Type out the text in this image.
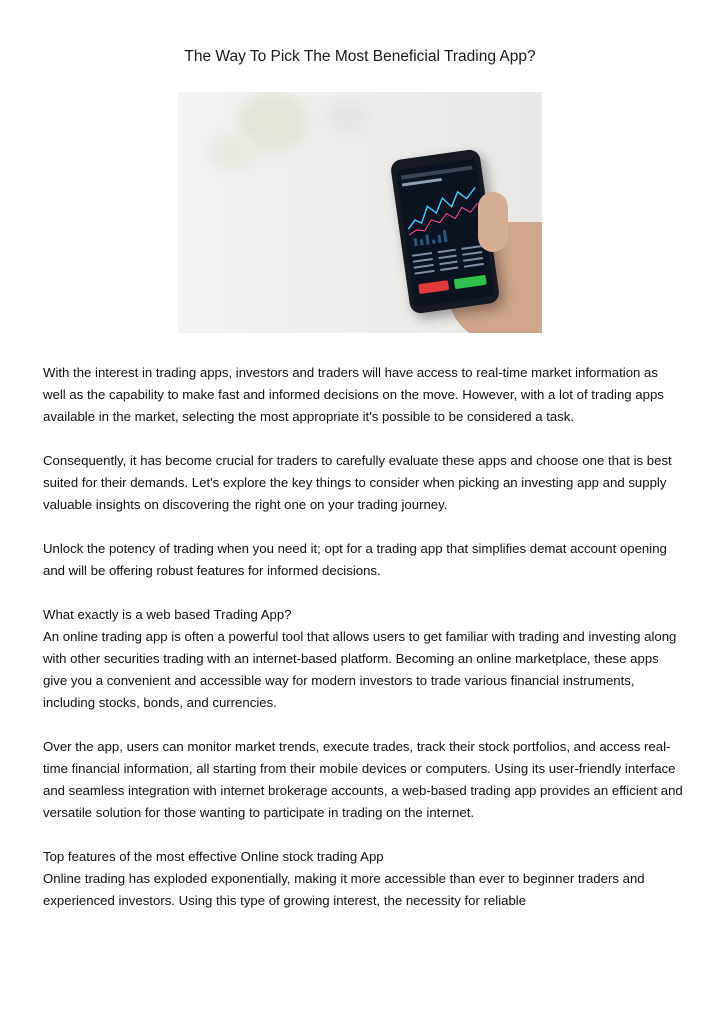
The Way To Pick The Most Beneficial Trading App?

With the interest in trading apps, investors and traders will have access to real-time market information as well as the capability to make fast and informed decisions on the move. However, with a lot of trading apps available in the market, selecting the most appropriate it's possible to be considered a task.

Consequently, it has become crucial for traders to carefully evaluate these apps and choose one that is best suited for their demands. Let's explore the key things to consider when picking an investing app and supply valuable insights on discovering the right one on your trading journey.

Unlock the potency of trading when you need it; opt for a trading app that simplifies demat account opening and will be offering robust features for informed decisions.

What exactly is a web based Trading App?

An online trading app is often a powerful tool that allows users to get familiar with trading and investing along with other securities trading with an internet-based platform. Becoming an online marketplace, these apps give you a convenient and accessible way for modern investors to trade various financial instruments, including stocks, bonds, and currencies.

Over the app, users can monitor market trends, execute trades, track their stock portfolios, and access real-time financial information, all starting from their mobile devices or computers. Using its user-friendly interface and seamless integration with internet brokerage accounts, a web-based trading app provides an efficient and versatile solution for those wanting to participate in trading on the internet.

Top features of the most effective Online stock trading App

Online trading has exploded exponentially, making it more accessible than ever to beginner traders and experienced investors. Using this type of growing interest, the necessity for reliable
